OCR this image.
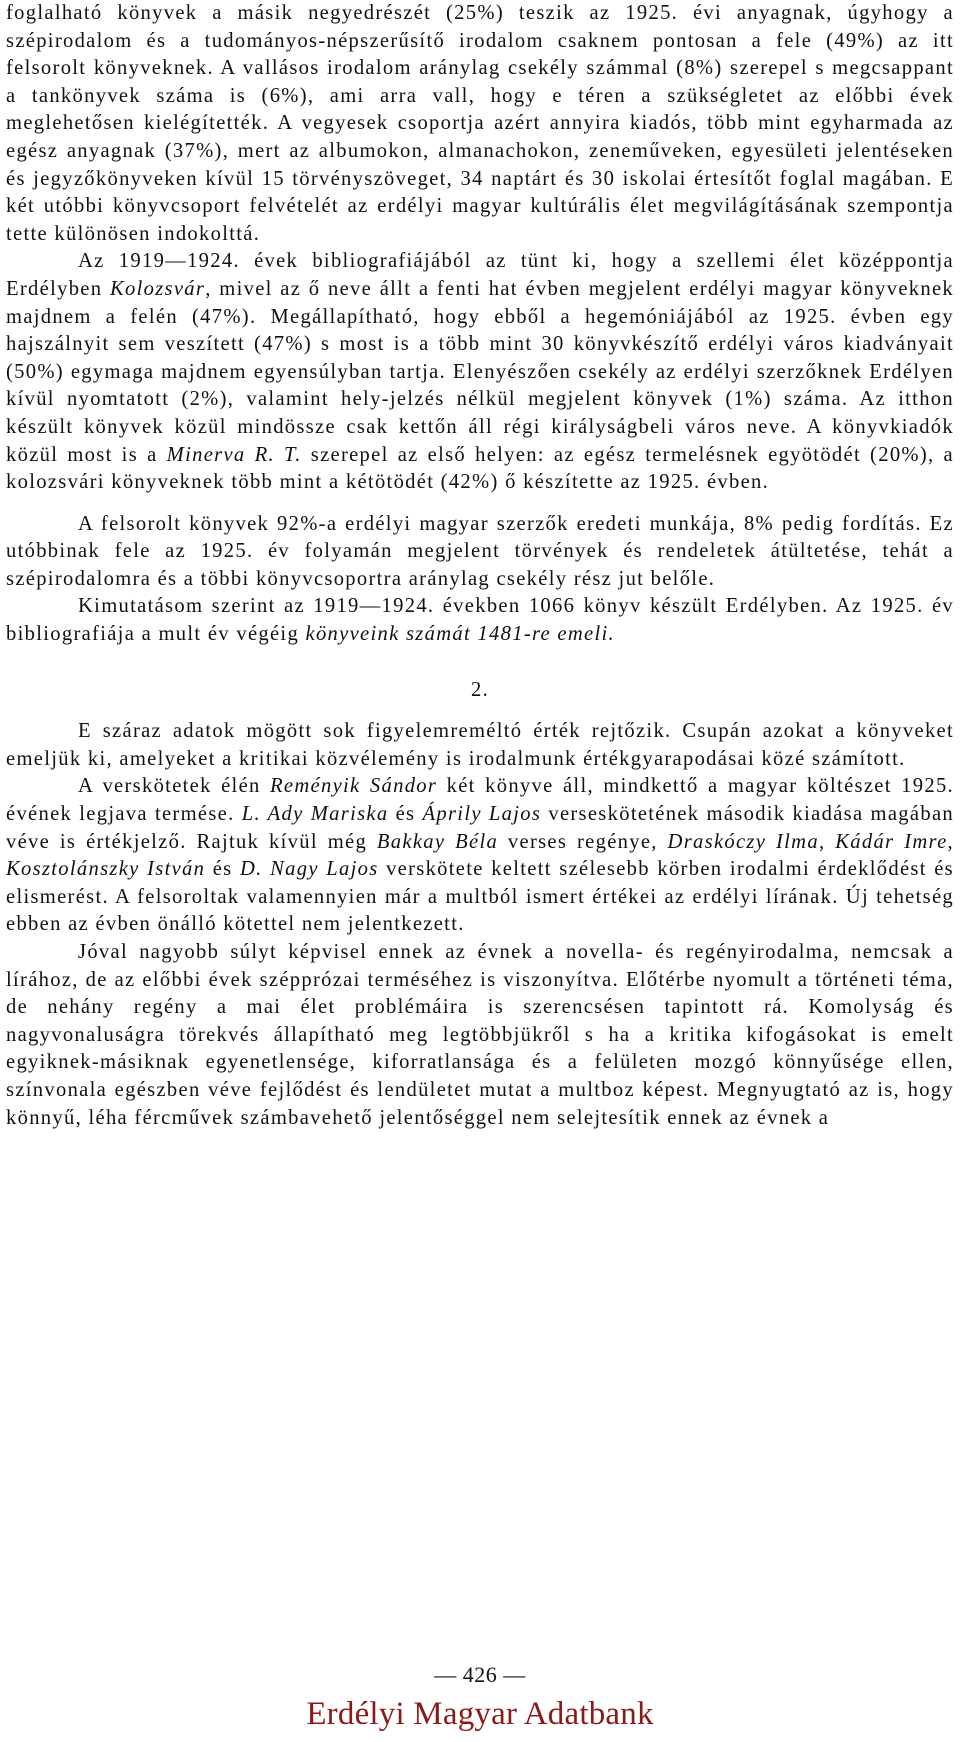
foglalható könyvek a másik negyedrészét (25%) teszik az 1925. évi anyagnak, úgyhogy a szépirodalom és a tudományos-népszerűsítő irodalom csaknem pontosan a fele (49%) az itt felsorolt könyveknek. A vallásos irodalom aránylag csekély számmal (8%) szerepel s megcsappant a tankönyvek száma is (6%), ami arra vall, hogy e téren a szükségletet az előbbi évek meglehetősen kielégítették. A vegyesek csoportja azért annyira kiadós, több mint egyharmada az egész anyagnak (37%), mert az albumokon, almanachokon, zeneműveken, egyesületi jelentéseken és jegyzőkönyveken kívül 15 törvényszöveget, 34 naptárt és 30 iskolai értesítőt foglal magában. E két utóbbi könyvcsoport felvételét az erdélyi magyar kultúrális élet megvilágításának szempontja tette különösen indokolttá.

Az 1919—1924. évek bibliografiájából az tünt ki, hogy a szellemi élet középpontja Erdélyben Kolozsvár, mivel az ő neve állt a fenti hat évben megjelent erdélyi magyar könyveknek majdnem a felén (47%). Megállapítható, hogy ebből a hegemóniájából az 1925. évben egy hajszálnyit sem veszített (47%) s most is a több mint 30 könyvkészítő erdélyi város kiadványait (50%) egymaga majdnem egyensúlyban tartja. Elenyészően csekély az erdélyi szerzőknek Erdélyen kívül nyomtatott (2%), valamint hely-jelzés nélkül megjelent könyvek (1%) száma. Az itthon készült könyvek közül mindössze csak kettőn áll régi királyságbeli város neve. A könyvkiadók közül most is a Minerva R. T. szerepel az első helyen: az egész termelésnek egyötödét (20%), a kolozsvári könyveknek több mint a kétötödét (42%) ő készítette az 1925. évben.

A felsorolt könyvek 92%-a erdélyi magyar szerzők eredeti munkája, 8% pedig fordítás. Ez utóbbinak fele az 1925. év folyamán megjelent törvények és rendeletek átültetése, tehát a szépirodalomra és a többi könyvcsoportra aránylag csekély rész jut belőle.

Kimutatásom szerint az 1919—1924. években 1066 könyv készült Erdélyben. Az 1925. év bibliografiája a mult év végéig könyveink számát 1481-re emeli.

2.

E száraz adatok mögött sok figyelemreméltó érték rejtőzik. Csupán azokat a könyveket emeljük ki, amelyeket a kritikai közvélemény is irodalmunk értékgyarapodásai közé számított.

A verskötetek élén Reményik Sándor két könyve áll, mindkettő a magyar költészet 1925. évének legjava termése. L. Ady Mariska és Áprily Lajos verseskötetének második kiadása magában véve is értékjelző. Rajtuk kívül még Bakkay Béla verses regénye, Draskóczy Ilma, Kádár Imre, Kosztolánszky István és D. Nagy Lajos verskötete keltett szélesebb körben irodalmi érdeklődést és elismerést. A felsoroltak valamennyien már a multból ismert értékei az erdélyi lírának. Új tehetség ebben az évben önálló kötettel nem jelentkezett.

Jóval nagyobb súlyt képvisel ennek az évnek a novella- és regényirodalma, nemcsak a lírához, de az előbbi évek szépprózai terméséhez is viszonyítva. Előtérbe nyomult a történeti téma, de nehány regény a mai élet problémáira is szerencsésen tapintott rá. Komolyság és nagyvonaluságra törekvés állapítható meg legtöbbjükről s ha a kritika kifogásokat is emelt egyiknek-másiknak egyenetlensége, kiforratlansága és a felületen mozgó könnyűsége ellen, színvonala egészben véve fejlődést és lendületet mutat a multboz képest. Megnyugtató az is, hogy könnyű, léha fércművek számbavehető jelentőséggel nem selejtesítik ennek az évnek a

— 426 —
Erdélyi Magyar Adatbank
